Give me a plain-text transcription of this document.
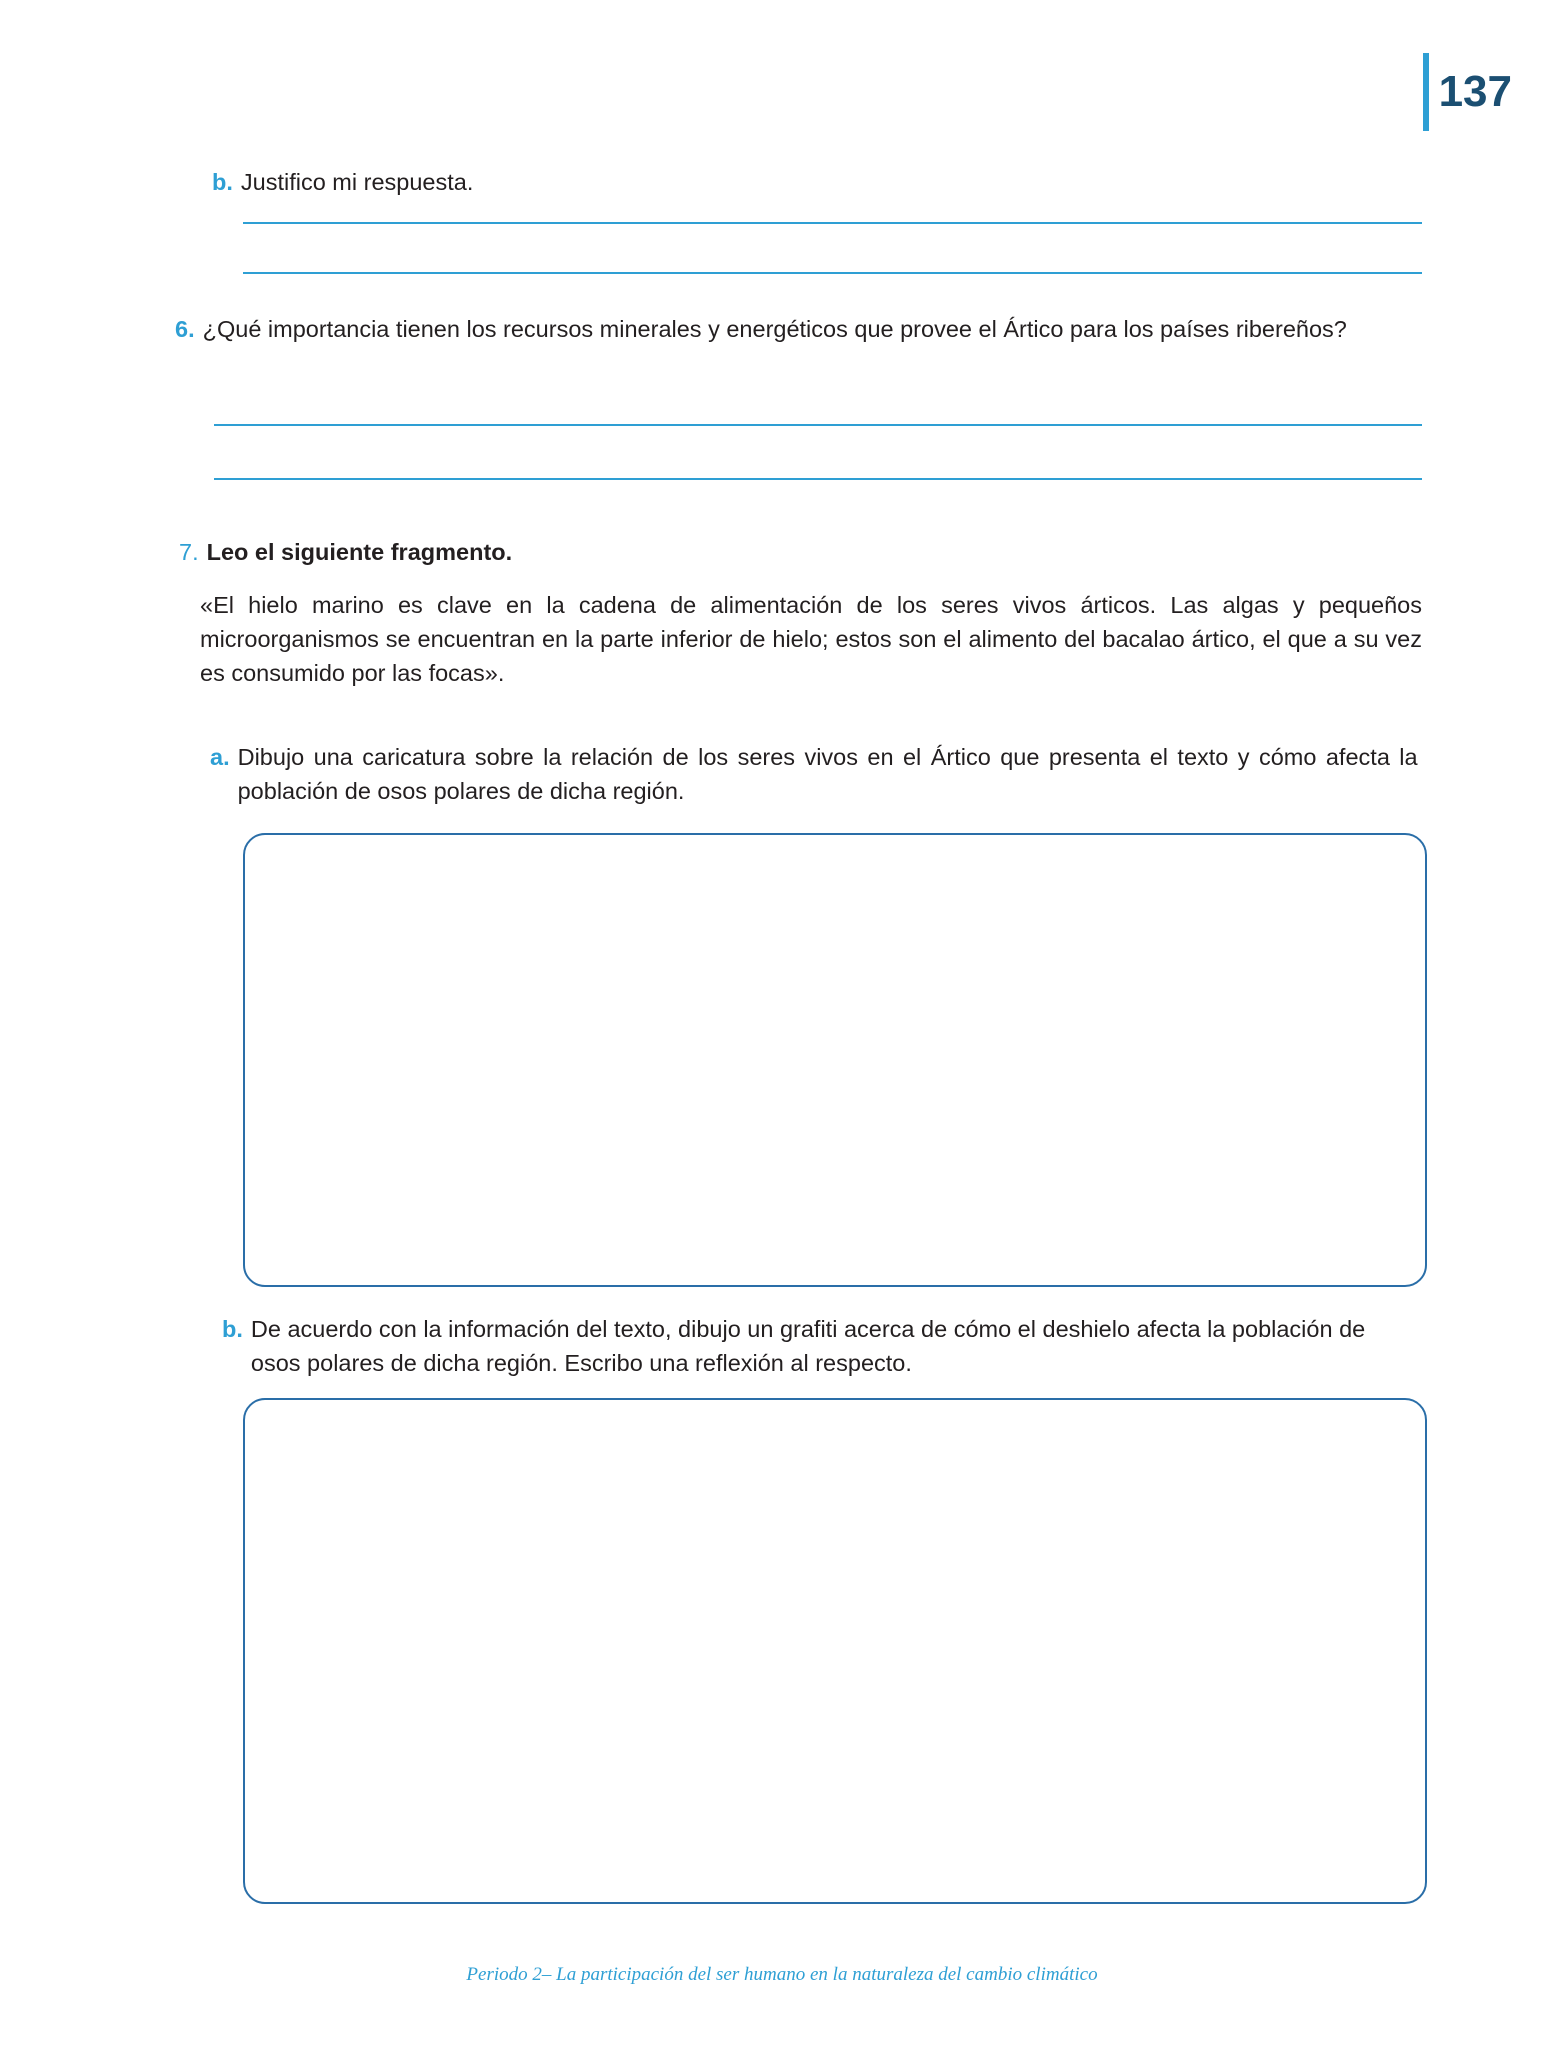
137
b. Justifico mi respuesta.
6. ¿Qué importancia tienen los recursos minerales y energéticos que provee el Ártico para los países ribereños?
7. Leo el siguiente fragmento.
«El hielo marino es clave en la cadena de alimentación de los seres vivos árticos. Las algas y pequeños microorganismos se encuentran en la parte inferior de hielo; estos son el alimento del bacalao ártico, el que a su vez es consumido por las focas».
a. Dibujo una caricatura sobre la relación de los seres vivos en el Ártico que presenta el texto y cómo afecta la población de osos polares de dicha región.
b. De acuerdo con la información del texto, dibujo un grafiti acerca de cómo el deshielo afecta la población de osos polares de dicha región. Escribo una reflexión al respecto.
Periodo 2– La participación del ser humano en la naturaleza del cambio climático
